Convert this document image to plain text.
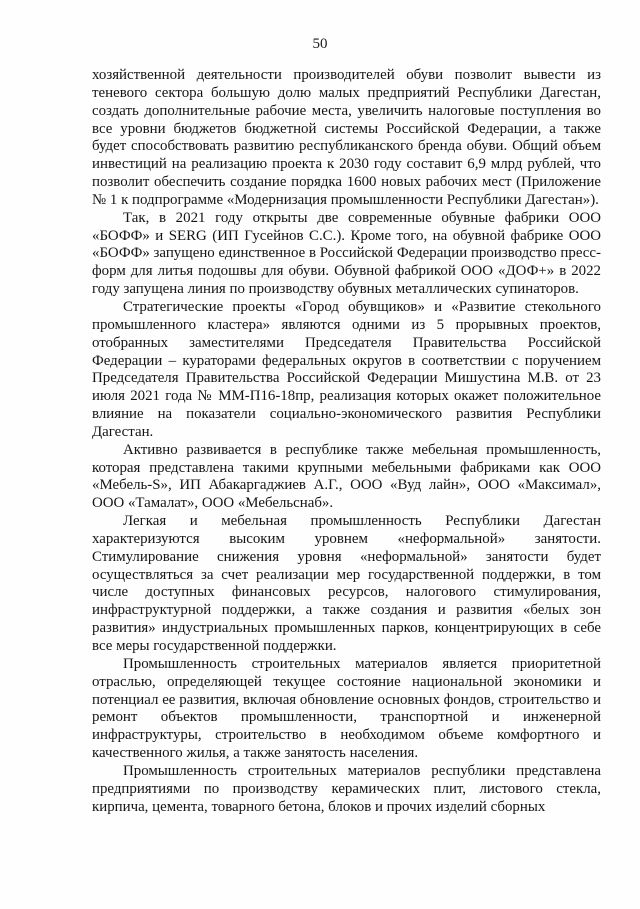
50

хозяйственной деятельности производителей обуви позволит вывести из теневого сектора большую долю малых предприятий Республики Дагестан, создать дополнительные рабочие места, увеличить налоговые поступления во все уровни бюджетов бюджетной системы Российской Федерации, а также будет способствовать развитию республиканского бренда обуви. Общий объем инвестиций на реализацию проекта к 2030 году составит 6,9 млрд рублей, что позволит обеспечить создание порядка 1600 новых рабочих мест (Приложение № 1 к подпрограмме «Модернизация промышленности Республики Дагестан»).

Так, в 2021 году открыты две современные обувные фабрики ООО «БОФФ» и SERG (ИП Гусейнов С.С.). Кроме того, на обувной фабрике ООО «БОФФ» запущено единственное в Российской Федерации производство пресс-форм для литья подошвы для обуви. Обувной фабрикой ООО «ДОФ+» в 2022 году запущена линия по производству обувных металлических супинаторов.

Стратегические проекты «Город обувщиков» и «Развитие стекольного промышленного кластера» являются одними из 5 прорывных проектов, отобранных заместителями Председателя Правительства Российской Федерации – кураторами федеральных округов в соответствии с поручением Председателя Правительства Российской Федерации Мишустина М.В. от 23 июля 2021 года № ММ-П16-18пр, реализация которых окажет положительное влияние на показатели социально-экономического развития Республики Дагестан.

Активно развивается в республике также мебельная промышленность, которая представлена такими крупными мебельными фабриками как ООО «Мебель-S», ИП Абакаргаджиев А.Г., ООО «Вуд лайн», ООО «Максимал», ООО «Тамалат», ООО «Мебельснаб».

Легкая и мебельная промышленность Республики Дагестан характеризуются высоким уровнем «неформальной» занятости. Стимулирование снижения уровня «неформальной» занятости будет осуществляться за счет реализации мер государственной поддержки, в том числе доступных финансовых ресурсов, налогового стимулирования, инфраструктурной поддержки, а также создания и развития «белых зон развития» индустриальных промышленных парков, концентрирующих в себе все меры государственной поддержки.

Промышленность строительных материалов является приоритетной отраслью, определяющей текущее состояние национальной экономики и потенциал ее развития, включая обновление основных фондов, строительство и ремонт объектов промышленности, транспортной и инженерной инфраструктуры, строительство в необходимом объеме комфортного и качественного жилья, а также занятость населения.

Промышленность строительных материалов республики представлена предприятиями по производству керамических плит, листового стекла, кирпича, цемента, товарного бетона, блоков и прочих изделий сборных
